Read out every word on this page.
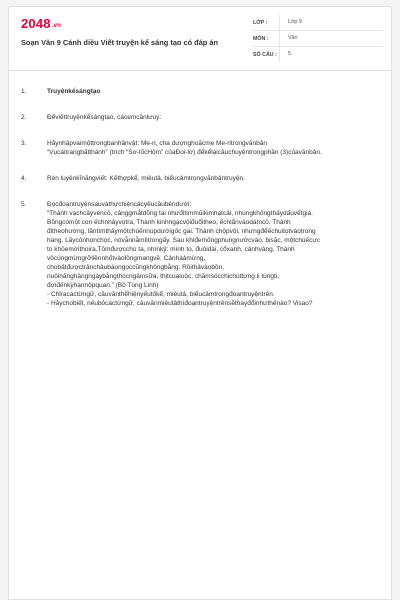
2048.vn
Soạn Văn 9 Cánh diều Viết truyện kể sáng tạo có đáp án
LỚP :	Lớp 9
MÔN :	Văn
SỐ CÂU :	5
1.	Truyệnkểsángtạo

2.	Đểviếttruyệnkểsángtạo, cácemcầnlưuý:

3.	Hãynhậpvaimộttrongbanhânvật: Me-ri, cha dượnghoặcmẹ Me-ritrongvănbản

“Vụcáitrangbấtthành” (trích “Sơ-lốcHôm” củaĐoi-lơ) đểkểlạicâuchuyệntrongphần (3)củavănbản.

4.	Rèn luyệnkĩnăngviết: Kếthợpkể, miêutả, biểucảmtrongvănbảntruyện.

5.	Đọcđoạntruyệnsauvàthựchiệncácyêucầubêndưới:

“Thành vạchcâyvéncỏ, cânggmắtdõng tai nhưđitìmmũikimhạtcải, nhungkhôngthấydấuvếtgiá.

Bõngcómột con ếchnhảyvọtra, Thành kinhngạcvộiđuổitheo, ếchlẩnvàodámcỏ. Thành

đitheohướng, lầntìmthấymộtchúếnnúpdướigốc gai. Thành chộpvội, nhưngđểếchuitọtvàotrong

hang. Lấycỏnhọnchọc, nóvẫnnằmlìtrongấy. Sau khiđemốngphungnướcvào, bịsặc, mộtchúếcực

to khỏemớithoira.Tômđượcchú ta, nhìnkỹ: mình to, đuôidài, cổxanh, cánhvàng. Thành

vôcùngmừngrỡliềnnhốtvàolồngmangvề. Cảnhàảmừng,

chobấtđượctrânchâubáongọccũngkhôngbằng. Rồithảvàobồn,

nuôinấnghângngàybằngthócngămsữa, thịtcualuộc, chămsócchichúttừng li tùngti,

đợiđếnkỳhạnnộpquan.” (Bồ Tùng Linh)

- Chỉracáctừngữ, câuvănthểhiệnyếutốkể, miêutả, biểucảmtrongđoạntruyệntrên.

- Hãychobiết, nếubỏcáctừngữ, câuvănmiêutảthìđoạntruyệntrênsẽthayđổinhưthếnào? Visao?
